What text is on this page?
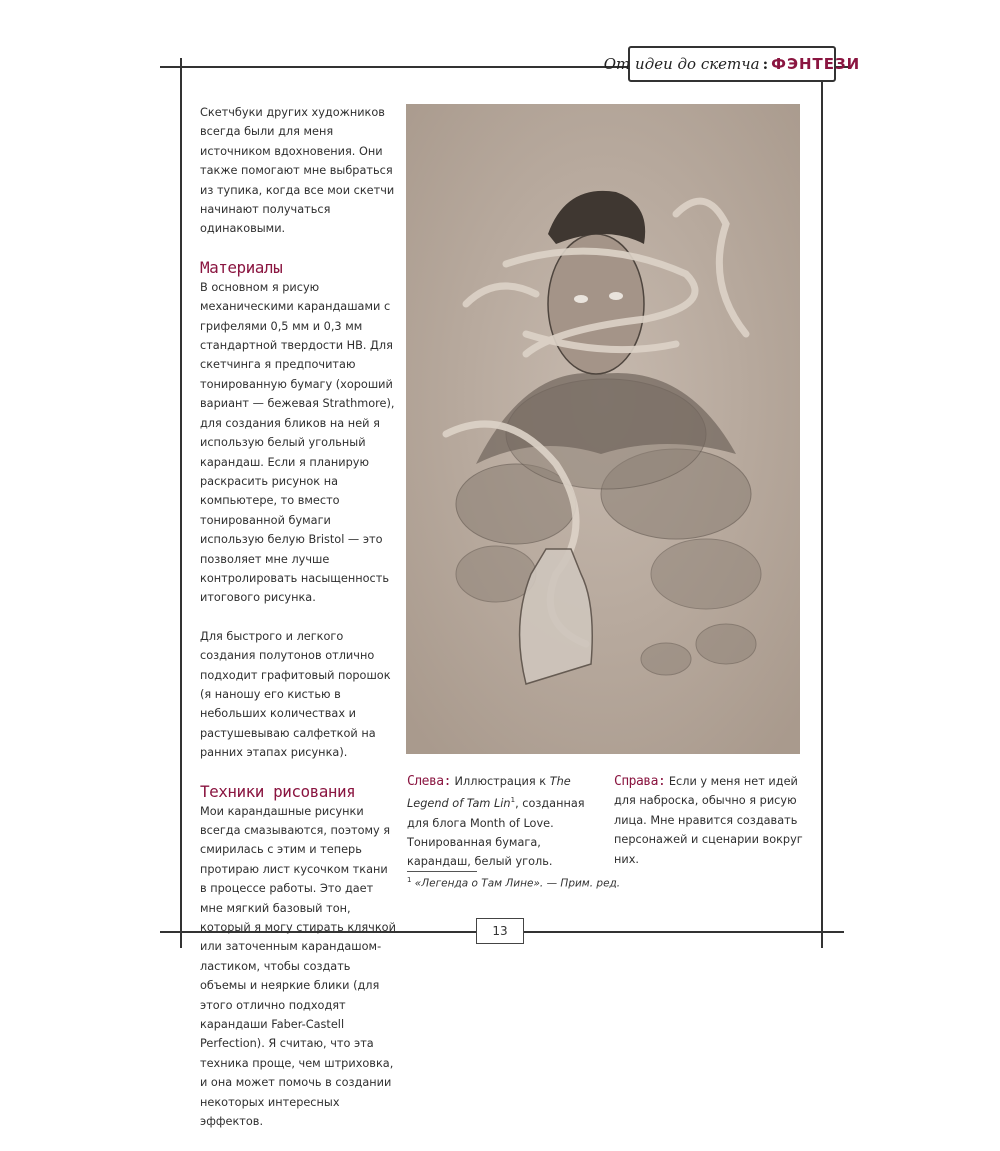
От идеи до скетча : ФЭНТЕЗИ

Скетчбуки других художников всегда были для меня источником вдохновения. Они также помогают мне выбраться из тупика, когда все мои скетчи начинают получаться одинаковыми.

Материалы

В основном я рисую механическими карандашами с грифелями 0,5 мм и 0,3 мм стандартной твердости HB. Для скетчинга я предпочитаю тонированную бумагу (хороший вариант — бежевая Strathmore), для создания бликов на ней я использую белый угольный карандаш. Если я планирую раскрасить рисунок на компьютере, то вместо тонированной бумаги использую белую Bristol — это позволяет мне лучше контролировать насыщенность итогового рисунка.

Для быстрого и легкого создания полутонов отлично подходит графитовый порошок (я наношу его кистью в небольших количествах и растушевываю салфеткой на ранних этапах рисунка).

Техники рисования

Мои карандашные рисунки всегда смазываются, поэтому я смирилась с этим и теперь протираю лист кусочком ткани в процессе работы. Это дает мне мягкий базовый тон, который я могу стирать клячкой или заточенным карандашом-ластиком, чтобы создать объемы и неяркие блики (для этого отлично подходят карандаши Faber-Castell Perfection). Я считаю, что эта техника проще, чем штриховка, и она может помочь в создании некоторых интересных эффектов.

Слева: Иллюстрация к The Legend of Tam Lin$^1$, созданная для блога Month of Love. Тонированная бумага, карандаш, белый уголь.
Справа: Если у меня нет идей для наброска, обычно я рисую лица. Мне нравится создавать персонажей и сценарии вокруг них.
$^1$ «Легенда о Там Лине». — Прим. ред.
13
